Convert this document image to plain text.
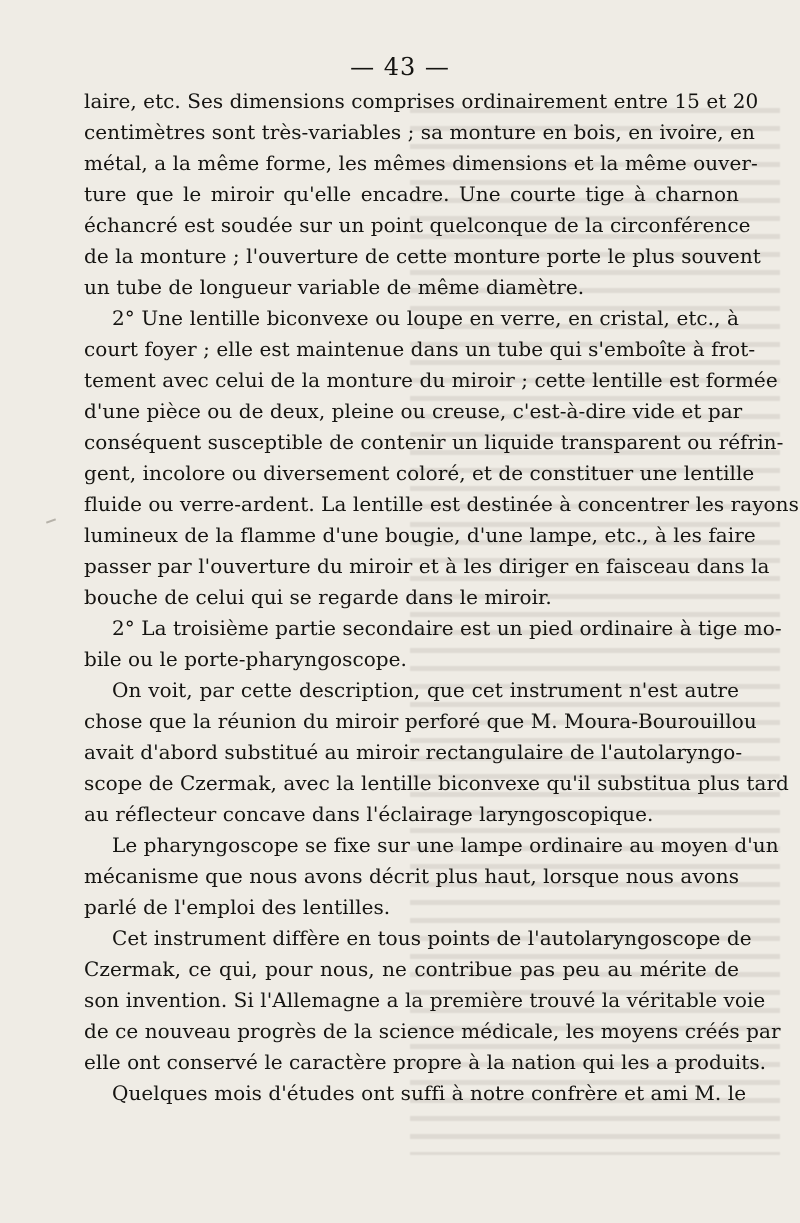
— 43 —
laire, etc. Ses dimensions comprises ordinairement entre 15 et 20
centimètres sont très-variables ; sa monture en bois, en ivoire, en
métal, a la même forme, les mêmes dimensions et la même ouver-
ture que le miroir qu'elle encadre. Une courte tige à charnon
échancré est soudée sur un point quelconque de la circonférence
de la monture ; l'ouverture de cette monture porte le plus souvent
un tube de longueur variable de même diamètre.
2° Une lentille biconvexe ou loupe en verre, en cristal, etc., à
court foyer ; elle est maintenue dans un tube qui s'emboîte à frot-
tement avec celui de la monture du miroir ; cette lentille est formée
d'une pièce ou de deux, pleine ou creuse, c'est-à-dire vide et par
conséquent susceptible de contenir un liquide transparent ou réfrin-
gent, incolore ou diversement coloré, et de constituer une lentille
fluide ou verre-ardent. La lentille est destinée à concentrer les rayons
lumineux de la flamme d'une bougie, d'une lampe, etc., à les faire
passer par l'ouverture du miroir et à les diriger en faisceau dans la
bouche de celui qui se regarde dans le miroir.
2° La troisième partie secondaire est un pied ordinaire à tige mo-
bile ou le porte-pharyngoscope.
On voit, par cette description, que cet instrument n'est autre
chose que la réunion du miroir perforé que M. Moura-Bourouillou
avait d'abord substitué au miroir rectangulaire de l'autolaryngo-
scope de Czermak, avec la lentille biconvexe qu'il substitua plus tard
au réflecteur concave dans l'éclairage laryngoscopique.
Le pharyngoscope se fixe sur une lampe ordinaire au moyen d'un
mécanisme que nous avons décrit plus haut, lorsque nous avons
parlé de l'emploi des lentilles.
Cet instrument diffère en tous points de l'autolaryngoscope de
Czermak, ce qui, pour nous, ne contribue pas peu au mérite de
son invention. Si l'Allemagne a la première trouvé la véritable voie
de ce nouveau progrès de la science médicale, les moyens créés par
elle ont conservé le caractère propre à la nation qui les a produits.
Quelques mois d'études ont suffi à notre confrère et ami M. le
